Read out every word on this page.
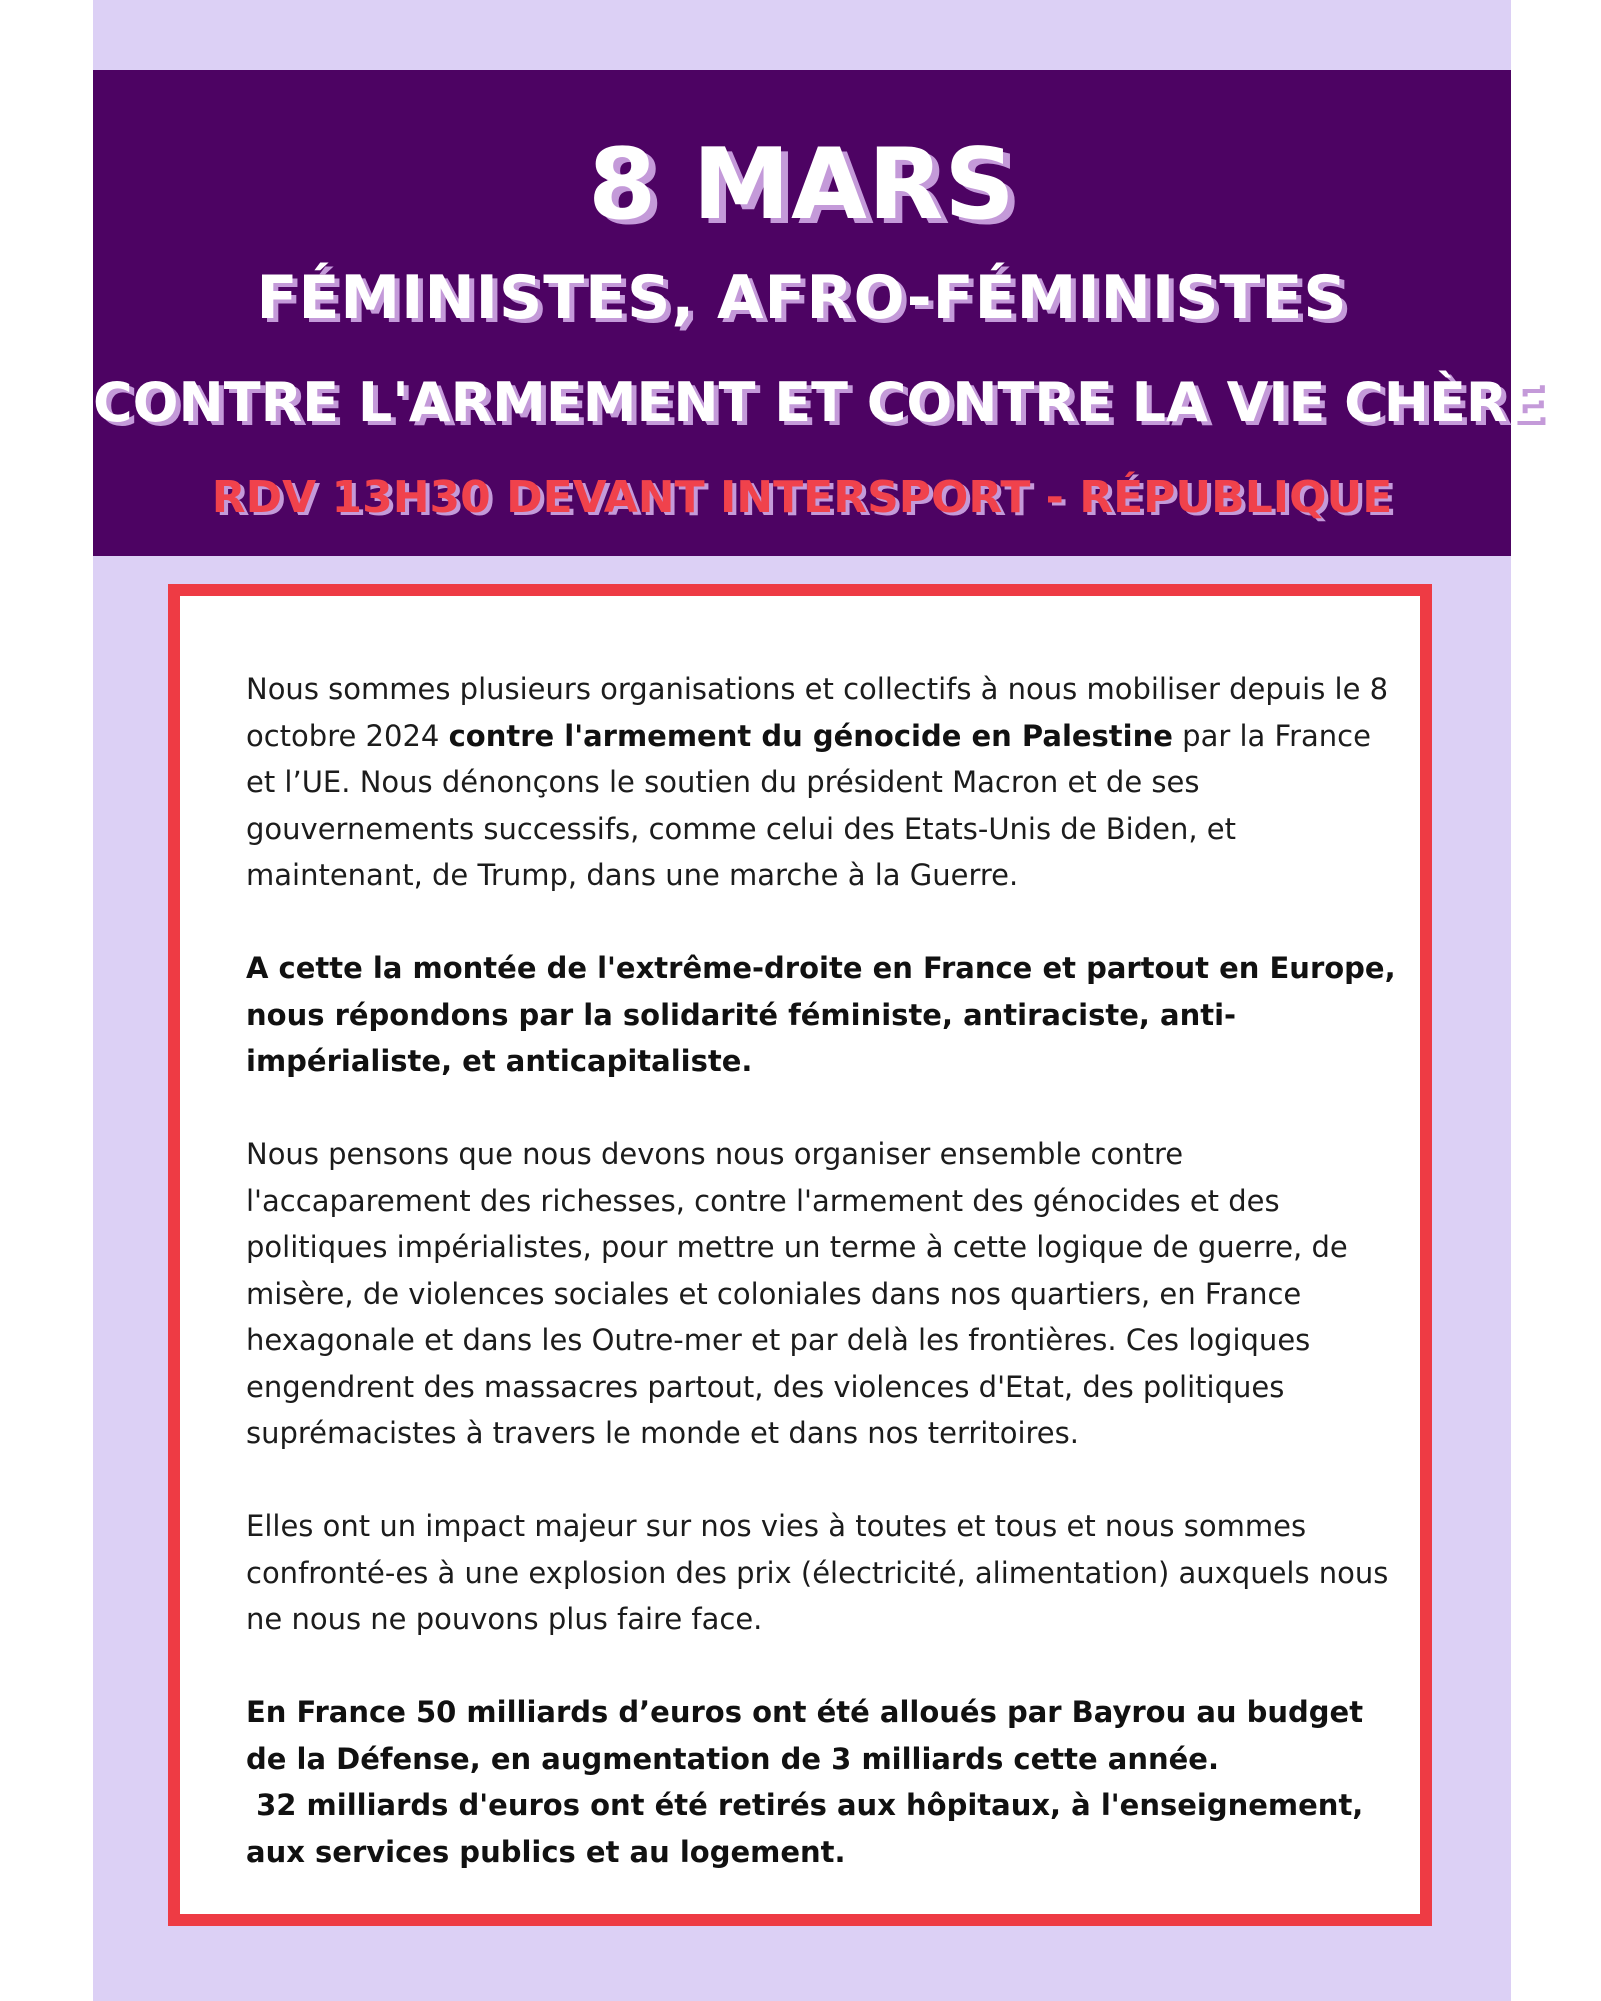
8 MARS
FÉMINISTES, AFRO-FÉMINISTES
CONTRE L'ARMEMENT ET CONTRE LA VIE CHÈRE
RDV 13H30 DEVANT INTERSPORT - RÉPUBLIQUE

Nous sommes plusieurs organisations et collectifs à nous mobiliser depuis le 8 octobre 2024 contre l'armement du génocide en Palestine par la France et l’UE. Nous dénonçons le soutien du président Macron et de ses gouvernements successifs, comme celui des Etats-Unis de Biden, et maintenant, de Trump, dans une marche à la Guerre.

A cette la montée de l'extrême-droite en France et partout en Europe, nous répondons par la solidarité féministe, antiraciste, anti-impérialiste, et anticapitaliste.

Nous pensons que nous devons nous organiser ensemble contre l'accaparement des richesses, contre l'armement des génocides et des politiques impérialistes, pour mettre un terme à cette logique de guerre, de misère, de violences sociales et coloniales dans nos quartiers, en France hexagonale et dans les Outre-mer et par delà les frontières. Ces logiques engendrent des massacres partout, des violences d'Etat, des politiques suprémacistes à travers le monde et dans nos territoires.

Elles ont un impact majeur sur nos vies à toutes et tous et nous sommes confronté-es à une explosion des prix (électricité, alimentation) auxquels nous ne nous ne pouvons plus faire face.

En France 50 milliards d’euros ont été alloués par Bayrou au budget de la Défense, en augmentation de 3 milliards cette année.
32 milliards d'euros ont été retirés aux hôpitaux, à l'enseignement, aux services publics et au logement.
